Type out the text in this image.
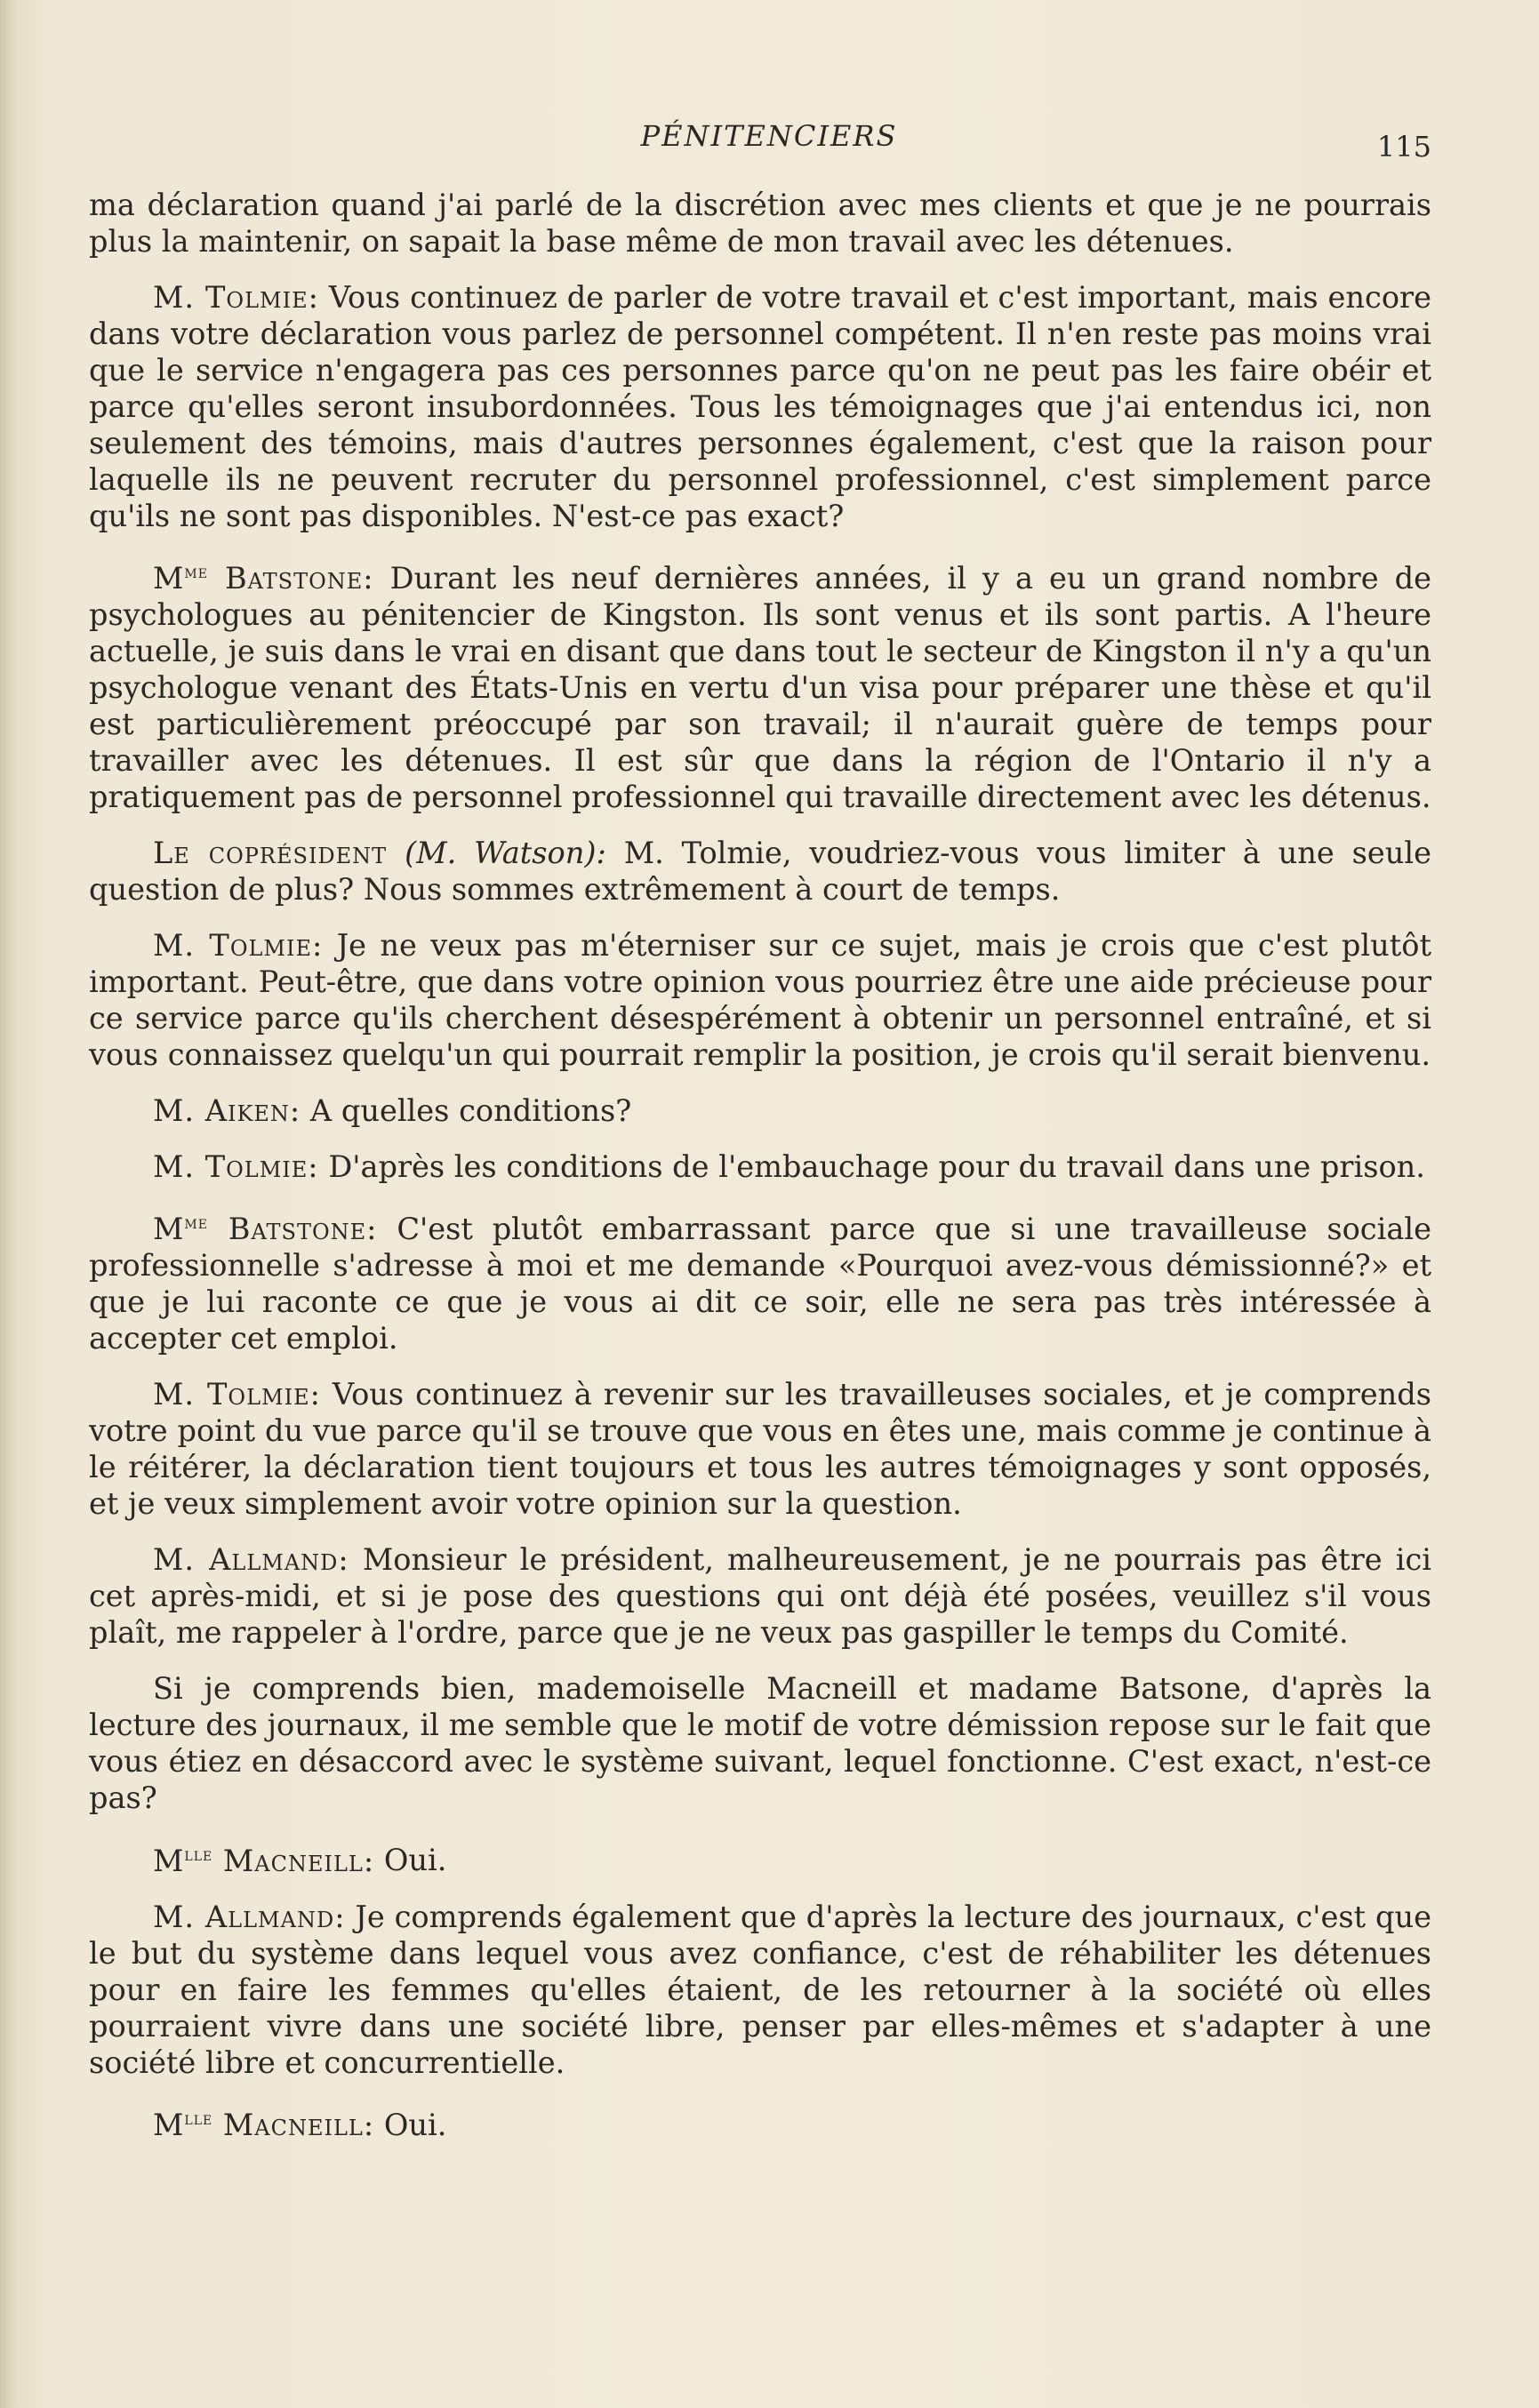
PÉNITENCIERS	115

ma déclaration quand j'ai parlé de la discrétion avec mes clients et que je ne pourrais plus la maintenir, on sapait la base même de mon travail avec les détenues.

M. Tolmie: Vous continuez de parler de votre travail et c'est important, mais encore dans votre déclaration vous parlez de personnel compétent. Il n'en reste pas moins vrai que le service n'engagera pas ces personnes parce qu'on ne peut pas les faire obéir et parce qu'elles seront insubordonnées. Tous les témoignages que j'ai entendus ici, non seulement des témoins, mais d'autres personnes également, c'est que la raison pour laquelle ils ne peuvent recruter du personnel professionnel, c'est simplement parce qu'ils ne sont pas disponibles. N'est-ce pas exact?

$M^{me}$ Batstone: Durant les neuf dernières années, il y a eu un grand nombre de psychologues au pénitencier de Kingston. Ils sont venus et ils sont partis. A l'heure actuelle, je suis dans le vrai en disant que dans tout le secteur de Kingston il n'y a qu'un psychologue venant des États-Unis en vertu d'un visa pour préparer une thèse et qu'il est particulièrement préoccupé par son travail; il n'aurait guère de temps pour travailler avec les détenues. Il est sûr que dans la région de l'Ontario il n'y a pratiquement pas de personnel professionnel qui travaille directement avec les détenus.

Le coprésident (M. Watson): M. Tolmie, voudriez-vous vous limiter à une seule question de plus? Nous sommes extrêmement à court de temps.

M. Tolmie: Je ne veux pas m'éterniser sur ce sujet, mais je crois que c'est plutôt important. Peut-être, que dans votre opinion vous pourriez être une aide précieuse pour ce service parce qu'ils cherchent désespérément à obtenir un personnel entraîné, et si vous connaissez quelqu'un qui pourrait remplir la position, je crois qu'il serait bienvenu.

M. Aiken: A quelles conditions?

M. Tolmie: D'après les conditions de l'embauchage pour du travail dans une prison.

$M^{me}$ Batstone: C'est plutôt embarrassant parce que si une travailleuse sociale professionnelle s'adresse à moi et me demande «Pourquoi avez-vous démissionné?» et que je lui raconte ce que je vous ai dit ce soir, elle ne sera pas très intéressée à accepter cet emploi.

M. Tolmie: Vous continuez à revenir sur les travailleuses sociales, et je comprends votre point du vue parce qu'il se trouve que vous en êtes une, mais comme je continue à le réitérer, la déclaration tient toujours et tous les autres témoignages y sont opposés, et je veux simplement avoir votre opinion sur la question.

M. Allmand: Monsieur le président, malheureusement, je ne pourrais pas être ici cet après-midi, et si je pose des questions qui ont déjà été posées, veuillez s'il vous plaît, me rappeler à l'ordre, parce que je ne veux pas gaspiller le temps du Comité.

Si je comprends bien, mademoiselle Macneill et madame Batsone, d'après la lecture des journaux, il me semble que le motif de votre démission repose sur le fait que vous étiez en désaccord avec le système suivant, lequel fonctionne. C'est exact, n'est-ce pas?

$M^{lle}$ Macneill: Oui.

M. Allmand: Je comprends également que d'après la lecture des journaux, c'est que le but du système dans lequel vous avez confiance, c'est de réhabiliter les détenues pour en faire les femmes qu'elles étaient, de les retourner à la société où elles pourraient vivre dans une société libre, penser par elles-mêmes et s'adapter à une société libre et concurrentielle.

$M^{lle}$ Macneill: Oui.
